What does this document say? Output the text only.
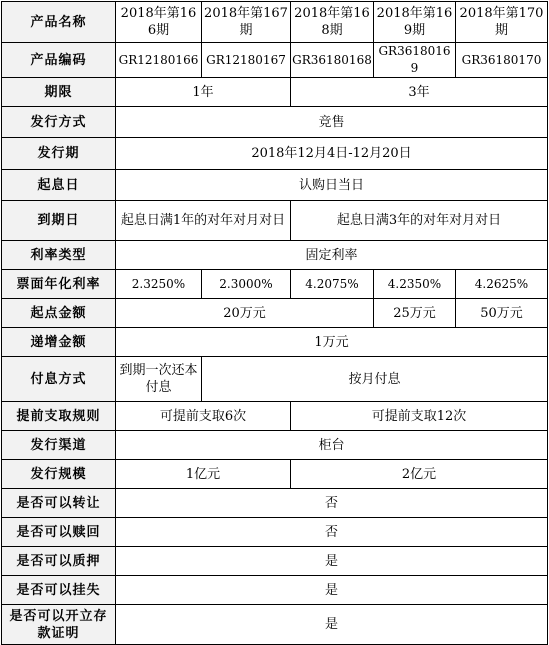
产品名称	2018年第166期	2018年第167期	2018年第168期	2018年第169期	2018年第170期
产品编码	GR12180166	GR12180167	GR36180168	GR36180169	GR36180170
期限	1年		3年		
发行方式	竞售				
发行期	2018年12月4日-12月20日				
起息日	认购日当日				
到期日	起息日满1年的对年对月对日		起息日满3年的对年对月对日		
利率类型	固定利率				
票面年化利率	2.3250%	2.3000%	4.2075%	4.2350%	4.2625%
起点金额	20万元			25万元	50万元
递增金额	1万元				
付息方式	到期一次还本付息	按月付息			
提前支取规则	可提前支取6次		可提前支取12次		
发行渠道	柜台				
发行规模	1亿元		2亿元		
是否可以转让	否				
是否可以赎回	否				
是否可以质押	是				
是否可以挂失	是				
是否可以开立存款证明	是				
